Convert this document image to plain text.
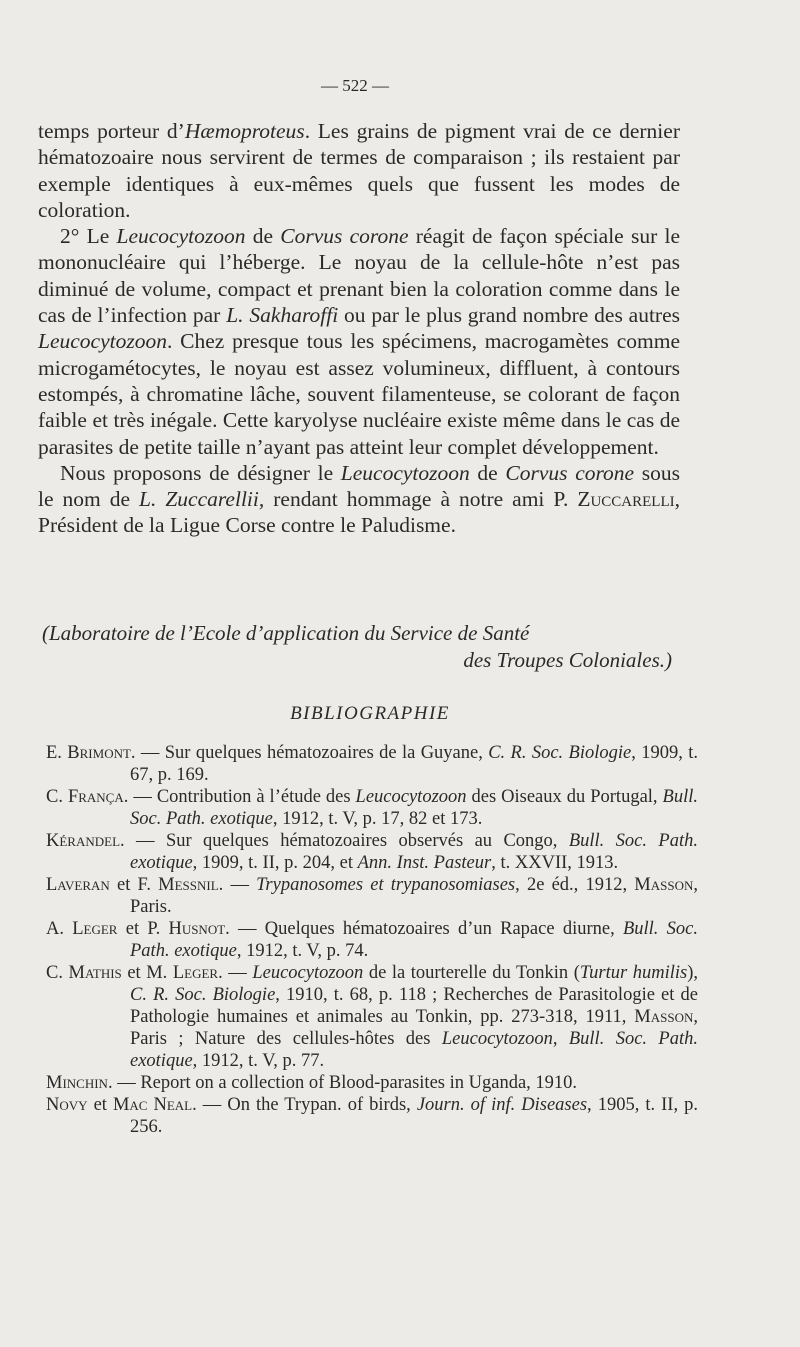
— 522 —

temps porteur d’Hæmoproteus. Les grains de pigment vrai de ce dernier hématozoaire nous servirent de termes de comparaison ; ils restaient par exemple identiques à eux-mêmes quels que fussent les modes de coloration.

2° Le Leucocytozoon de Corvus corone réagit de façon spéciale sur le mononucléaire qui l’héberge. Le noyau de la cellule-hôte n’est pas diminué de volume, compact et prenant bien la coloration comme dans le cas de l’infection par L. Sakharoffi ou par le plus grand nombre des autres Leucocytozoon. Chez presque tous les spécimens, macrogamètes comme microgamétocytes, le noyau est assez volumineux, diffluent, à contours estompés, à chromatine lâche, souvent filamenteuse, se colorant de façon faible et très inégale. Cette karyolyse nucléaire existe même dans le cas de parasites de petite taille n’ayant pas atteint leur complet développement.

Nous proposons de désigner le Leucocytozoon de Corvus corone sous le nom de L. Zuccarellii, rendant hommage à notre ami P. Zuccarelli, Président de la Ligue Corse contre le Paludisme.

(Laboratoire de l’Ecole d’application du Service de Santé
des Troupes Coloniales.)
BIBLIOGRAPHIE

E. Brimont. — Sur quelques hématozoaires de la Guyane, C. R. Soc. Biologie, 1909, t. 67, p. 169.

C. França. — Contribution à l’étude des Leucocytozoon des Oiseaux du Portugal, Bull. Soc. Path. exotique, 1912, t. V, p. 17, 82 et 173.

Kérandel. — Sur quelques hématozoaires observés au Congo, Bull. Soc. Path. exotique, 1909, t. II, p. 204, et Ann. Inst. Pasteur, t. XXVII, 1913.

Laveran et F. Messnil. — Trypanosomes et trypanosomiases, 2e éd., 1912, Masson, Paris.

A. Leger et P. Husnot. — Quelques hématozoaires d’un Rapace diurne, Bull. Soc. Path. exotique, 1912, t. V, p. 74.

C. Mathis et M. Leger. — Leucocytozoon de la tourterelle du Tonkin (Turtur humilis), C. R. Soc. Biologie, 1910, t. 68, p. 118 ; Recherches de Parasitologie et de Pathologie humaines et animales au Tonkin, pp. 273-318, 1911, Masson, Paris ; Nature des cellules-hôtes des Leucocytozoon, Bull. Soc. Path. exotique, 1912, t. V, p. 77.

Minchin. — Report on a collection of Blood-parasites in Uganda, 1910.

Novy et Mac Neal. — On the Trypan. of birds, Journ. of inf. Diseases, 1905, t. II, p. 256.
